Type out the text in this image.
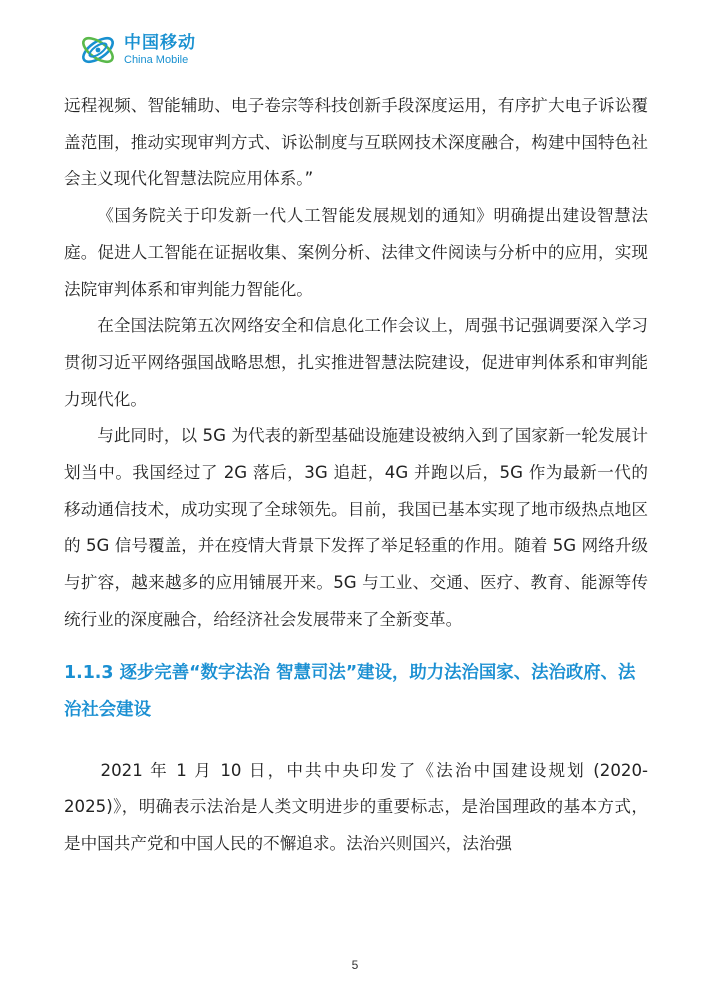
中国移动
China Mobile

远程视频、智能辅助、电子卷宗等科技创新手段深度运用，有序扩大电子诉讼覆盖范围，推动实现审判方式、诉讼制度与互联网技术深度融合，构建中国特色社会主义现代化智慧法院应用体系。”

《国务院关于印发新一代人工智能发展规划的通知》明确提出建设智慧法庭。促进人工智能在证据收集、案例分析、法律文件阅读与分析中的应用，实现法院审判体系和审判能力智能化。

在全国法院第五次网络安全和信息化工作会议上，周强书记强调要深入学习贯彻习近平网络强国战略思想，扎实推进智慧法院建设，促进审判体系和审判能力现代化。

与此同时，以 5G 为代表的新型基础设施建设被纳入到了国家新一轮发展计划当中。我国经过了 2G 落后，3G 追赶，4G 并跑以后，5G 作为最新一代的移动通信技术，成功实现了全球领先。目前，我国已基本实现了地市级热点地区的 5G 信号覆盖，并在疫情大背景下发挥了举足轻重的作用。随着 5G 网络升级与扩容，越来越多的应用铺展开来。5G 与工业、交通、医疗、教育、能源等传统行业的深度融合，给经济社会发展带来了全新变革。

1.1.3 逐步完善“数字法治 智慧司法”建设，助力法治国家、法治政府、法治社会建设

2021 年 1 月 10 日，中共中央印发了《法治中国建设规划 (2020-2025)》，明确表示法治是人类文明进步的重要标志，是治国理政的基本方式，是中国共产党和中国人民的不懈追求。法治兴则国兴，法治强

5
